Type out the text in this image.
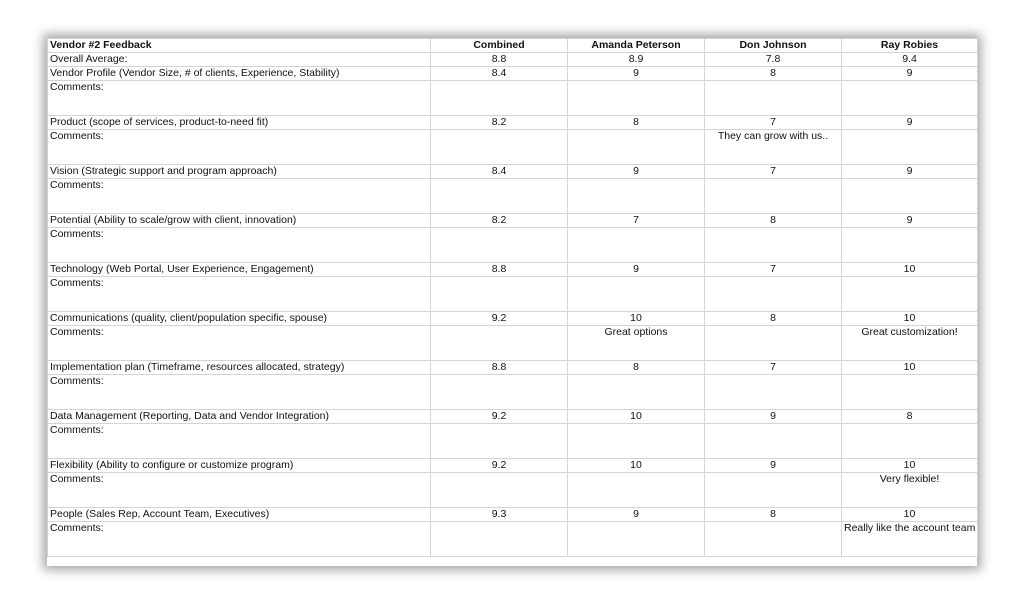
Vendor #2 Feedback	Combined	Amanda Peterson	Don Johnson	Ray Robies
Overall Average:	8.8	8.9	7.8	9.4
Vendor Profile (Vendor Size, # of clients, Experience, Stability)	8.4	9	8	9
Comments:				
Product (scope of services, product-to-need fit)	8.2	8	7	9
Comments:			They can grow with us..	
Vision (Strategic support and program approach)	8.4	9	7	9
Comments:				
Potential (Ability to scale/grow with client, innovation)	8.2	7	8	9
Comments:				
Technology (Web Portal, User Experience, Engagement)	8.8	9	7	10
Comments:				
Communications (quality, client/population specific, spouse)	9.2	10	8	10
Comments:		Great options		Great customization!
Implementation plan (Timeframe, resources allocated, strategy)	8.8	8	7	10
Comments:				
Data Management (Reporting, Data and Vendor Integration)	9.2	10	9	8
Comments:				
Flexibility (Ability to configure or customize program)	9.2	10	9	10
Comments:				Very flexible!
People (Sales Rep, Account Team, Executives)	9.3	9	8	10
Comments:				Really like the account team
